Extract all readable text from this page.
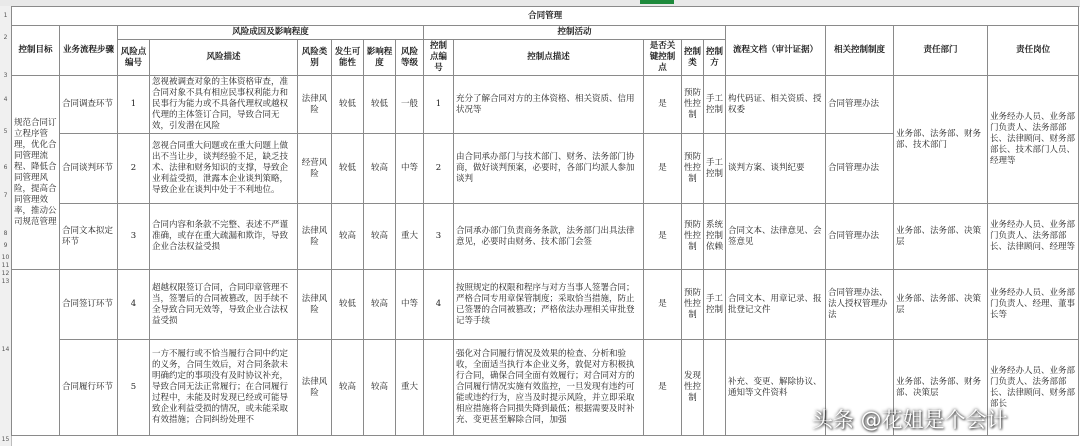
1
2
3
4
5
6
7
8
9
10
11
12
13
14
15
合同管理																
控制目标	业务流程步骤	风险成因及影响程度						控制活动					流程文档（审计证据）	相关控制制度	责任部门	责任岗位
		风险点编号	风险描述	风险类别	发生可能性	影响程度	风险等级	控制点编号	控制点描述	是否关键控制点	控制类	控制方				
规范合同订立程序管理，优化合同管理流程、降低合同管理风险，提高合同管理效率，推动公司规范管理	合同调查环节	1	忽视被调查对象的主体资格审查，准合同对象不具有相应民事权利能力和民事行为能力或不具备代理权或越权代理的主体签订合同，导致合同无效，引发潜在风险	法律风险	较低	较低	一般	1	充分了解合同对方的主体资格、相关资质、信用状况等	是	预防性控制	手工控制	构代码证、相关资质、授权委	合同管理办法	业务部、法务部、财务部、技术部门	业务经办人员、业务部门负责人、法务部部长、法律顾问、财务部部长、技术部门人员、经理等
	合同谈判环节	2	忽视合同重大问题或在重大问题上做出不当让步，谈判经验不足，缺乏技术、法律和财务知识的支撑，导致企业利益受损，泄露本企业谈判策略，导致企业在谈判中处于不利地位。	经营风险	较低	较高	中等	2	由合同承办部门与技术部门、财务、法务部门协商，做好谈判预案，必要时，各部门均派人参加谈判	是	预防性控制	手工控制	谈判方案、谈判纪要	合同管理办法		
	合同文本拟定环节	3	合同内容和条款不完整、表述不严谨准确，或存在重大疏漏和欺诈，导致企业合法权益受损	法律风险	较高	较高	重大	3	合同承办部门负责商务条款，法务部门出具法律意见，必要时由财务、技术部门会签	是	预防性控制	系统控制依赖	合同文本、法律意见、会签意见	合同管理办法	业务部、法务部、决策层	业务经办人员、业务部门负责人、法务部部长、法律顾问、经理等
	合同签订环节	4	超越权限签订合同，合同印章管理不当，签署后的合同被篡改，因手续不全导致合同无效等，导致企业合法权益受损	法律风险	较低	较高	中等	4	按照规定的权限和程序与对方当事人签署合同；严格合同专用章保管制度；采取恰当措施，防止已签署的合同被篡改；严格依法办理相关审批登记等手续	是	预防性控制	手工控制	合同文本、用章记录、报批登记文件	合同管理办法、法人授权管理办法	业务部、法务部、决策层	业务经办人员、业务部门负责人、经理、董事长等
	合同履行环节	5	一方不履行或不恰当履行合同中约定的义务，合同生效后，对合同条款未明确约定的事项没有及时协议补充，导致合同无法正常履行；在合同履行过程中，未能及时发现已经或可能导致企业利益受损的情况，或未能采取有效措施；合同纠纷处理不	法律风险	较高	较高	重大		强化对合同履行情况及效果的检查、分析和验收，全面适当执行本企业义务，敦促对方积极执行合同，确保合同全面有效履行；对合同对方的合同履行情况实施有效监控，一旦发现有违约可能或违约行为，应当及时提示风险，并立即采取相应措施将合同损失降到最低；根据需要及时补充、变更甚至解除合同，加强	是	发现性控制		补充、变更、解除协议、通知等文件资料		业务部、法务部、财务部、决策层	业务经办人员、业务部门负责人、法务部部长、法律顾问、财务部部长
头条 @花姐是个会计
